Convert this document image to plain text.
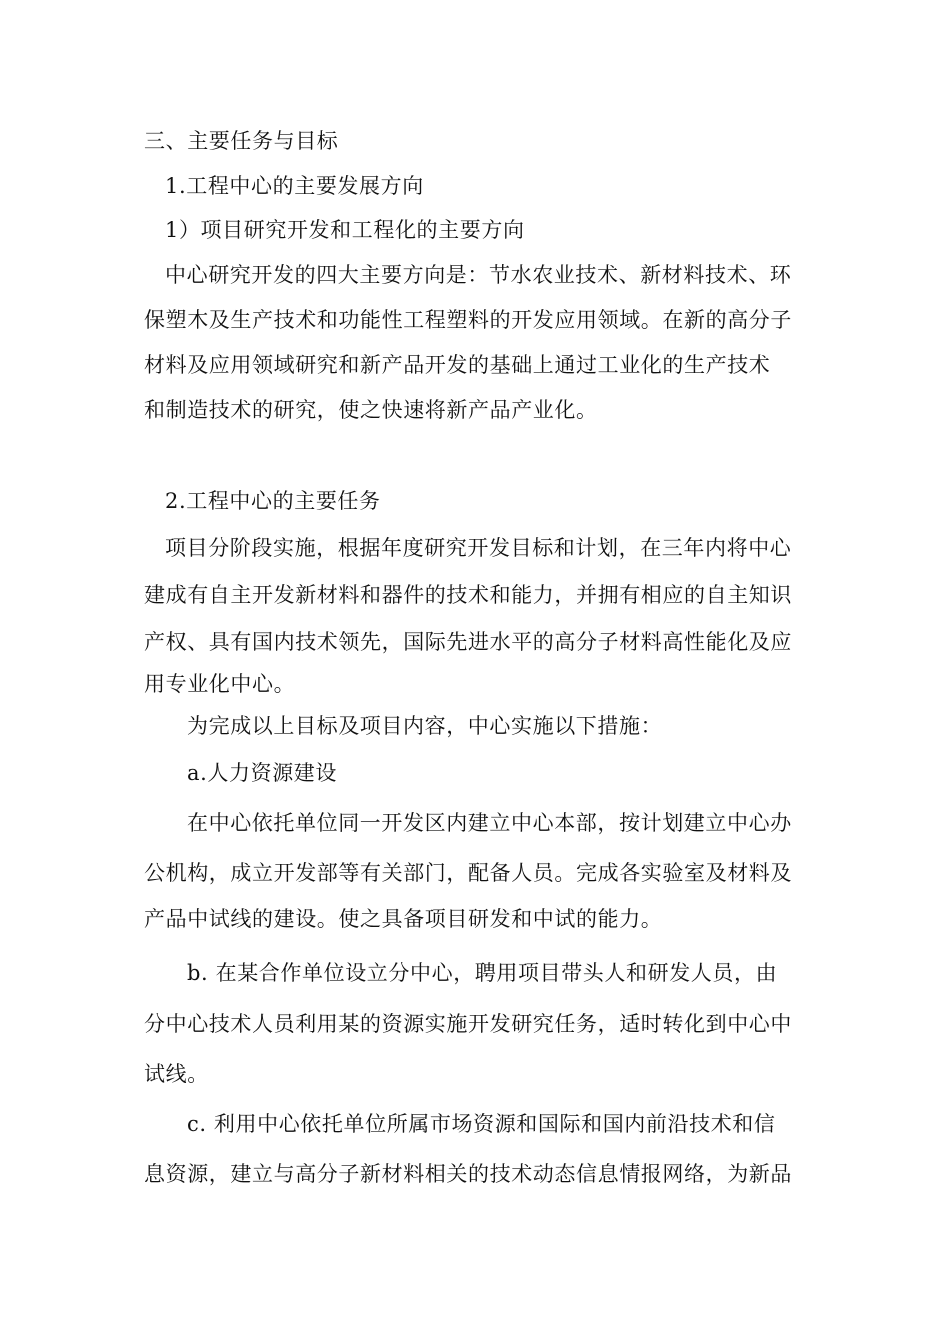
三、主要任务与目标
1.工程中心的主要发展方向
1）项目研究开发和工程化的主要方向
中心研究开发的四大主要方向是：节水农业技术、新材料技术、环
保塑木及生产技术和功能性工程塑料的开发应用领域。在新的高分子
材料及应用领域研究和新产品开发的基础上通过工业化的生产技术
和制造技术的研究，使之快速将新产品产业化。
2.工程中心的主要任务
项目分阶段实施，根据年度研究开发目标和计划，在三年内将中心
建成有自主开发新材料和器件的技术和能力，并拥有相应的自主知识
产权、具有国内技术领先，国际先进水平的高分子材料高性能化及应
用专业化中心。
为完成以上目标及项目内容，中心实施以下措施：
a.人力资源建设
在中心依托单位同一开发区内建立中心本部，按计划建立中心办
公机构，成立开发部等有关部门，配备人员。完成各实验室及材料及
产品中试线的建设。使之具备项目研发和中试的能力。
b. 在某合作单位设立分中心，聘用项目带头人和研发人员，由
分中心技术人员利用某的资源实施开发研究任务，适时转化到中心中
试线。
c. 利用中心依托单位所属市场资源和国际和国内前沿技术和信
息资源，建立与高分子新材料相关的技术动态信息情报网络，为新品
